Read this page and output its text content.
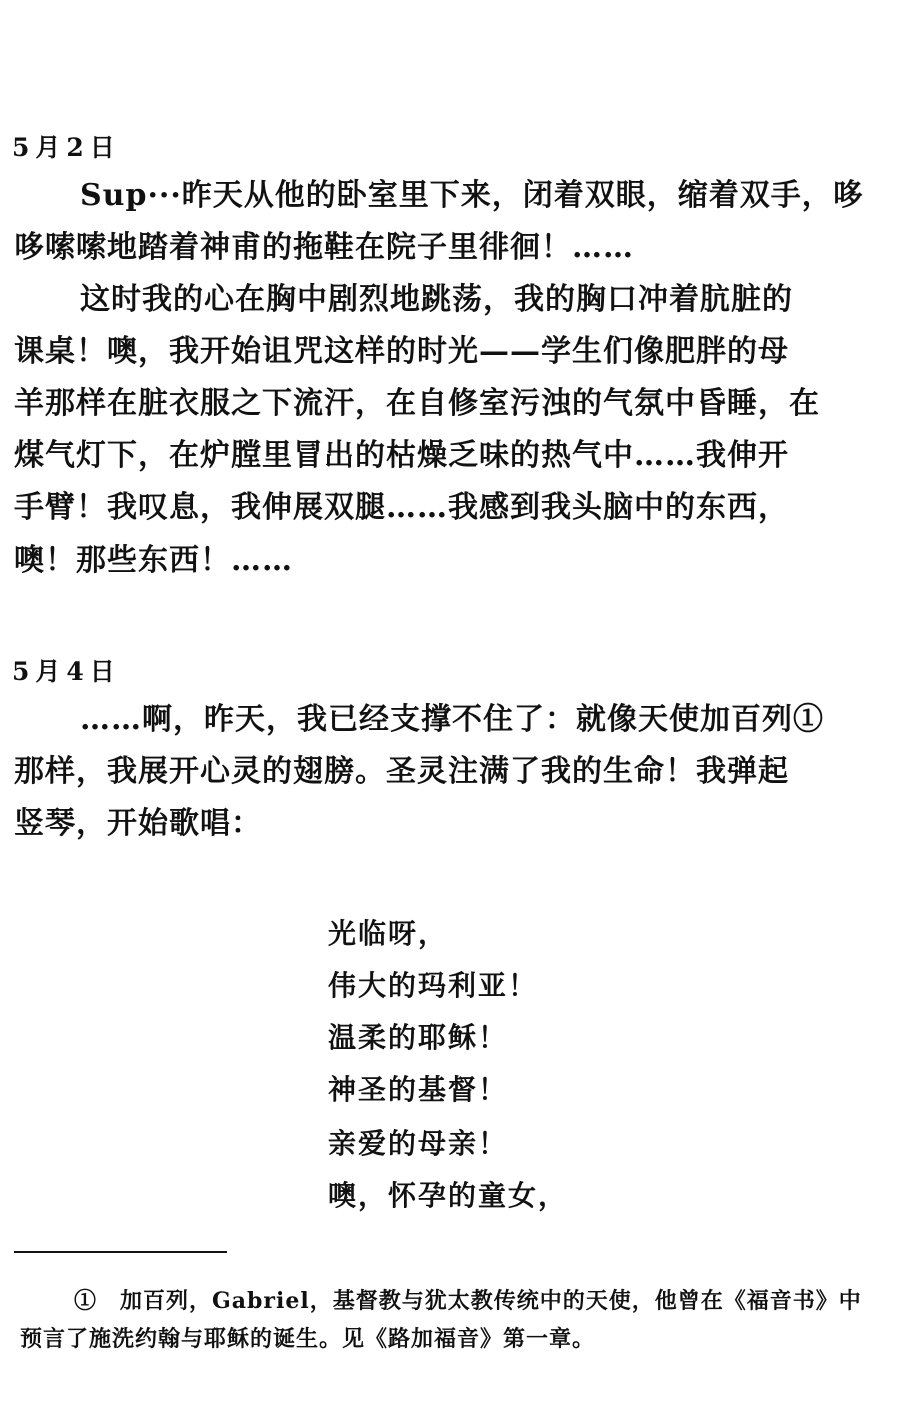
5月2日
Sup···昨天从他的卧室里下来，闭着双眼，缩着双手，哆
哆嗦嗦地踏着神甫的拖鞋在院子里徘徊！……
这时我的心在胸中剧烈地跳荡，我的胸口冲着肮脏的
课桌！噢，我开始诅咒这样的时光——学生们像肥胖的母
羊那样在脏衣服之下流汗，在自修室污浊的气氛中昏睡，在
煤气灯下，在炉膛里冒出的枯燥乏味的热气中……我伸开
手臂！我叹息，我伸展双腿……我感到我头脑中的东西，
噢！那些东西！……
5月4日
……啊，昨天，我已经支撑不住了：就像天使加百列①
那样，我展开心灵的翅膀。圣灵注满了我的生命！我弹起
竖琴，开始歌唱：
光临呀，
伟大的玛利亚！
温柔的耶稣！
神圣的基督！
亲爱的母亲！
噢，怀孕的童女，
①　加百列，Gabriel，基督教与犹太教传统中的天使，他曾在《福音书》中
预言了施洗约翰与耶稣的诞生。见《路加福音》第一章。
